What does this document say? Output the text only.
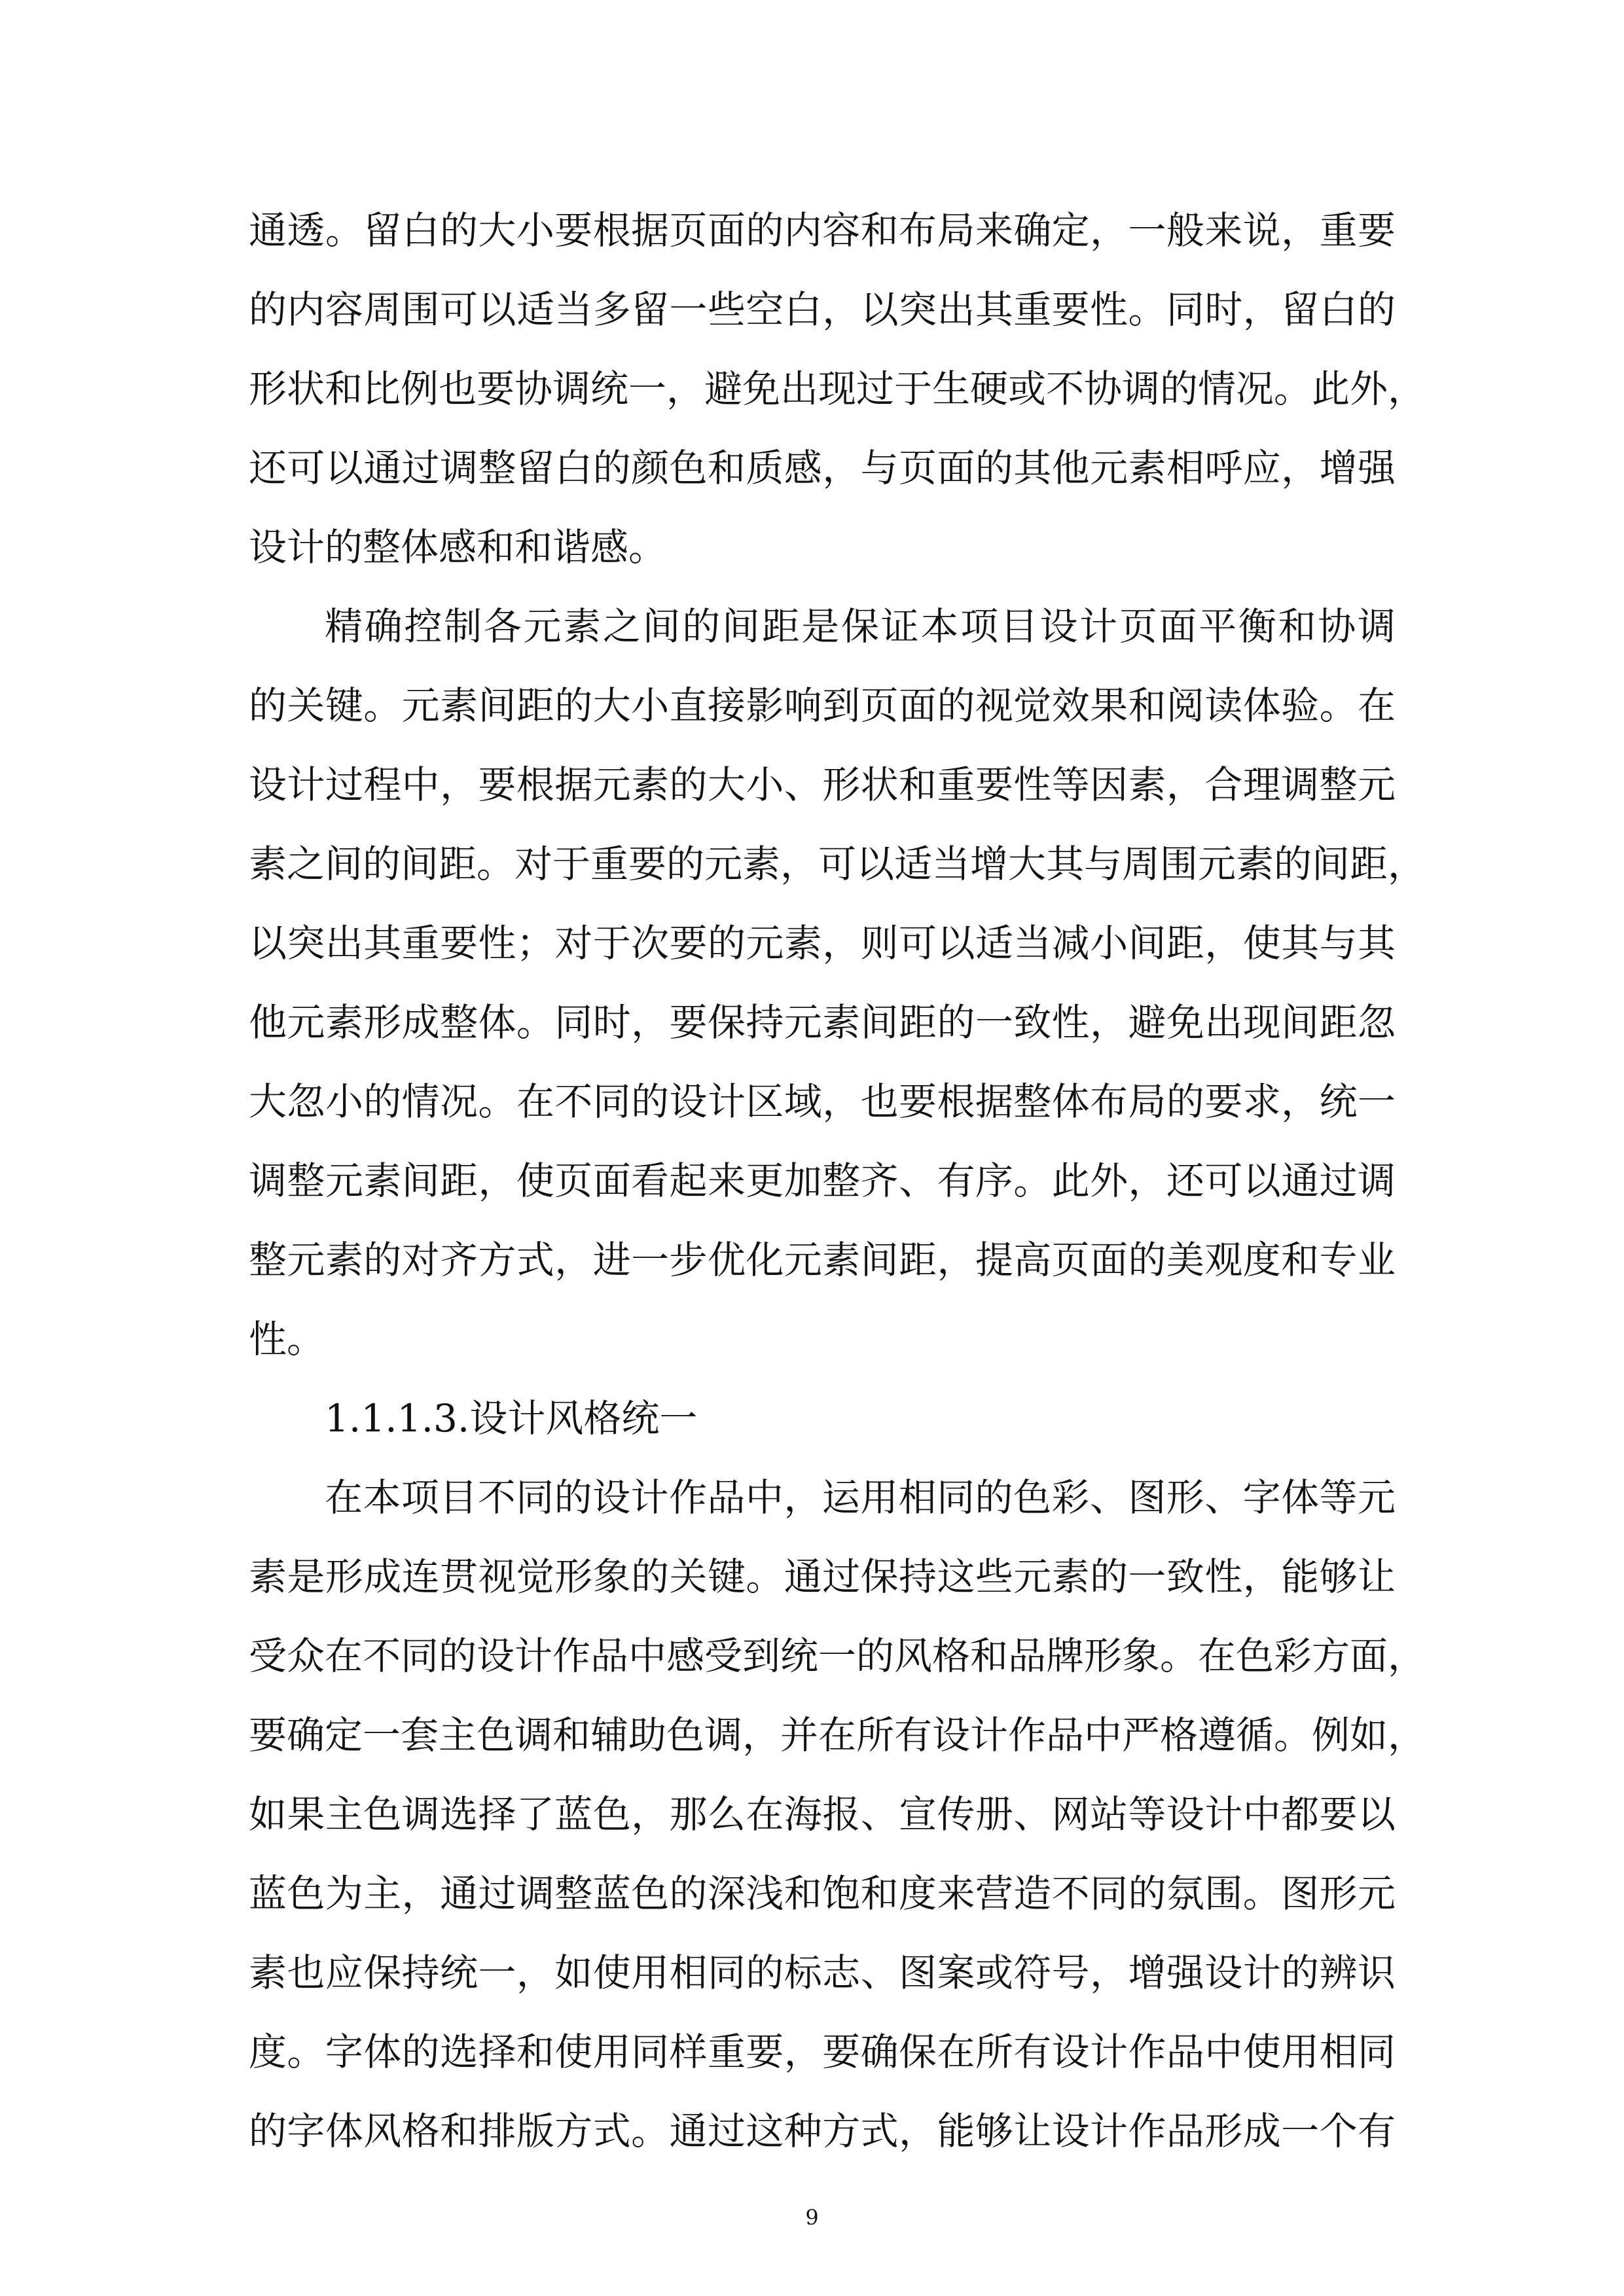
通透。留白的大小要根据页面的内容和布局来确定，一般来说，重要
的内容周围可以适当多留一些空白，以突出其重要性。同时，留白的
形状和比例也要协调统一，避免出现过于生硬或不协调的情况。此外，
还可以通过调整留白的颜色和质感，与页面的其他元素相呼应，增强
设计的整体感和和谐感。
精确控制各元素之间的间距是保证本项目设计页面平衡和协调
的关键。元素间距的大小直接影响到页面的视觉效果和阅读体验。在
设计过程中，要根据元素的大小、形状和重要性等因素，合理调整元
素之间的间距。对于重要的元素，可以适当增大其与周围元素的间距，
以突出其重要性；对于次要的元素，则可以适当减小间距，使其与其
他元素形成整体。同时，要保持元素间距的一致性，避免出现间距忽
大忽小的情况。在不同的设计区域，也要根据整体布局的要求，统一
调整元素间距，使页面看起来更加整齐、有序。此外，还可以通过调
整元素的对齐方式，进一步优化元素间距，提高页面的美观度和专业
性。
1.1.1.3.设计风格统一
在本项目不同的设计作品中，运用相同的色彩、图形、字体等元
素是形成连贯视觉形象的关键。通过保持这些元素的一致性，能够让
受众在不同的设计作品中感受到统一的风格和品牌形象。在色彩方面，
要确定一套主色调和辅助色调，并在所有设计作品中严格遵循。例如，
如果主色调选择了蓝色，那么在海报、宣传册、网站等设计中都要以
蓝色为主，通过调整蓝色的深浅和饱和度来营造不同的氛围。图形元
素也应保持统一，如使用相同的标志、图案或符号，增强设计的辨识
度。字体的选择和使用同样重要，要确保在所有设计作品中使用相同
的字体风格和排版方式。通过这种方式，能够让设计作品形成一个有
9
